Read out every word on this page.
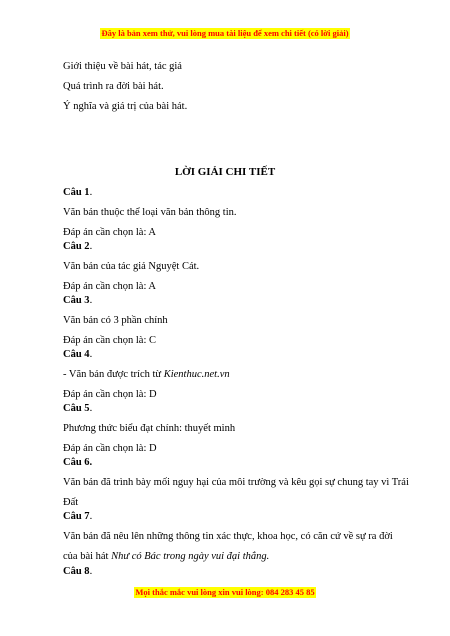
Đây là bản xem thử, vui lòng mua tài liệu để xem chi tiết (có lời giải)
Giới thiệu về bài hát, tác giả
Quá trình ra đời bài hát.
Ý nghĩa và giá trị của bài hát.
LỜI GIẢI CHI TIẾT
Câu 1.
Văn bản thuộc thể loại văn bản thông tin.
Đáp án cần chọn là: A
Câu 2.
Văn bản của tác giả Nguyệt Cát.
Đáp án cần chọn là: A
Câu 3.
Văn bản có 3 phần chính
Đáp án cần chọn là: C
Câu 4.
- Văn bản được trích từ Kienthuc.net.vn
Đáp án cần chọn là: D
Câu 5.
Phương thức biểu đạt chính: thuyết minh
Đáp án cần chọn là: D
Câu 6.
Văn bản đã trình bày mối nguy hại của môi trường và kêu gọi sự chung tay vì Trái
Đất
Câu 7.
Văn bản đã nêu lên những thông tin xác thực, khoa học, có căn cứ về sự ra đời
của bài hát Như có Bác trong ngày vui đại thắng.
Câu 8.
Mọi thắc mắc vui lòng xin vui lòng: 084 283 45 85
